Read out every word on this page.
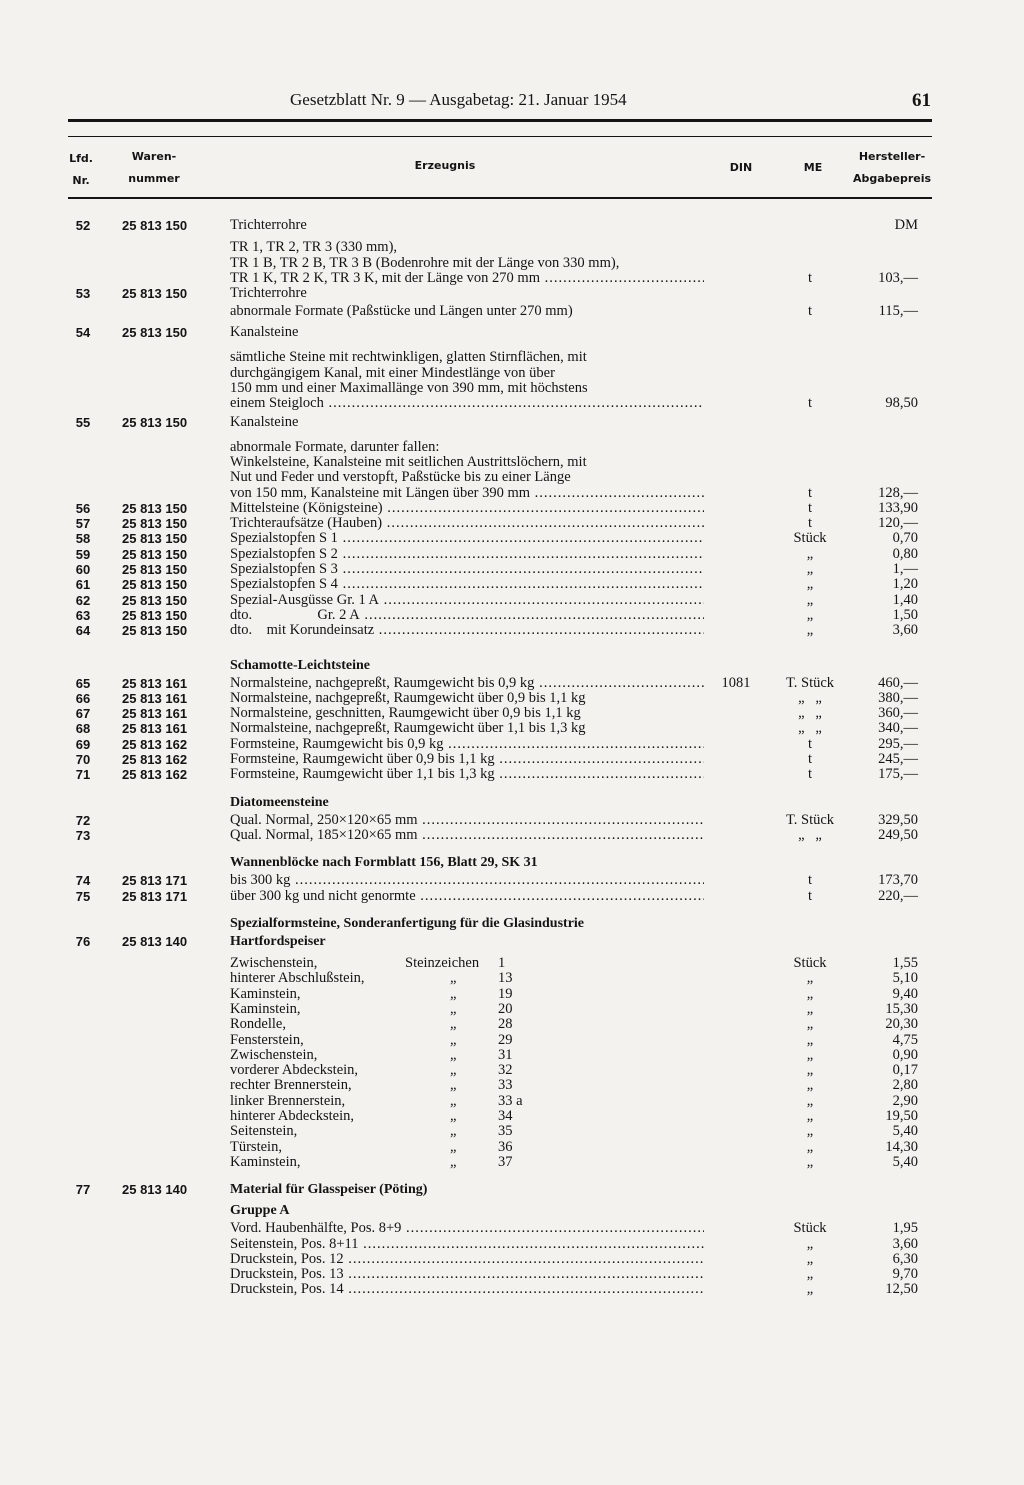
Gesetzblatt Nr. 9 — Ausgabetag: 21. Januar 1954	61
Lfd.
Nr.
Waren-
nummer
Erzeugnis	DIN	ME
Hersteller-
Abgabepreis
52	25 813 150	Trichterrohre	DM
TR 1, TR 2, TR 3 (330 mm),
TR 1 B, TR 2 B, TR 3 B (Bodenrohre mit der Länge von 330 mm),
TR 1 K, TR 2 K, TR 3 K, mit der Länge von 270 mm .....	t	103,—
53	25 813 150	Trichterrohre
abnormale Formate (Paßstücke und Längen unter 270 mm)	t	115,—
54	25 813 150	Kanalsteine
sämtliche Steine mit rechtwinkligen, glatten Stirnflächen, mit
durchgängigem Kanal, mit einer Mindestlänge von über
150 mm und einer Maximallänge von 390 mm, mit höchstens
einem Steigloch .....	t	98,50
55	25 813 150	Kanalsteine
abnormale Formate, darunter fallen:
Winkelsteine, Kanalsteine mit seitlichen Austrittslöchern, mit
Nut und Feder und verstopft, Paßstücke bis zu einer Länge
von 150 mm, Kanalsteine mit Längen über 390 mm .....	t	128,—
56	25 813 150	Mittelsteine (Königsteine) .....	t	133,90
57	25 813 150	Trichteraufsätze (Hauben) .....	t	120,—
58	25 813 150	Spezialstopfen S 1 .....	Stück	0,70
59	25 813 150	Spezialstopfen S 2 .....	„	0,80
60	25 813 150	Spezialstopfen S 3 .....	„	1,—
61	25 813 150	Spezialstopfen S 4 .....	„	1,20
62	25 813 150	Spezial-Ausgüsse Gr. 1 A .....	„	1,40
63	25 813 150	dto.                  Gr. 2 A .....	„	1,50
64	25 813 150	dto.    mit Korundeinsatz .....	„	3,60
Schamotte-Leichtsteine
65	25 813 161	Normalsteine, nachgepreßt, Raumgewicht bis 0,9 kg .....	1081	T. Stück	460,—
66	25 813 161	Normalsteine, nachgepreßt, Raumgewicht über 0,9 bis 1,1 kg	„   „	380,—
67	25 813 161	Normalsteine, geschnitten, Raumgewicht über 0,9 bis 1,1 kg	„   „	360,—
68	25 813 161	Normalsteine, nachgepreßt, Raumgewicht über 1,1 bis 1,3 kg	„   „	340,—
69	25 813 162	Formsteine, Raumgewicht bis 0,9 kg .....	t	295,—
70	25 813 162	Formsteine, Raumgewicht über 0,9 bis 1,1 kg .....	t	245,—
71	25 813 162	Formsteine, Raumgewicht über 1,1 bis 1,3 kg .....	t	175,—
Diatomeensteine
72	Qual. Normal, 250×120×65 mm .....	T. Stück	329,50
73	Qual. Normal, 185×120×65 mm .....	„   „	249,50
Wannenblöcke nach Formblatt 156, Blatt 29, SK 31
74	25 813 171	bis 300 kg .....	t	173,70
75	25 813 171	über 300 kg und nicht genormte .....	t	220,—
Spezialformsteine, Sonderanfertigung für die Glasindustrie
76	25 813 140	Hartfordspeiser
Zwischenstein,	Steinzeichen 1	Stück	1,55
hinterer Abschlußstein,	„	13	„	5,10
Kaminstein,	„	19	„	9,40
Kaminstein,	„	20	„	15,30
Rondelle,	„	28	„	20,30
Fensterstein,	„	29	„	4,75
Zwischenstein,	„	31	„	0,90
vorderer Abdeckstein,	„	32	„	0,17
rechter Brennerstein,	„	33	„	2,80
linker Brennerstein,	„	33 a	„	2,90
hinterer Abdeckstein,	„	34	„	19,50
Seitenstein,	„	35	„	5,40
Türstein,	„	36	„	14,30
Kaminstein,	„	37	„	5,40
77	25 813 140	Material für Glasspeiser (Pöting)
Gruppe A
Vord. Haubenhälfte, Pos. 8+9 .....	Stück	1,95
Seitenstein, Pos. 8+11 .....	„	3,60
Druckstein, Pos. 12 .....	„	6,30
Druckstein, Pos. 13 .....	„	9,70
Druckstein, Pos. 14 .....	„	12,50
